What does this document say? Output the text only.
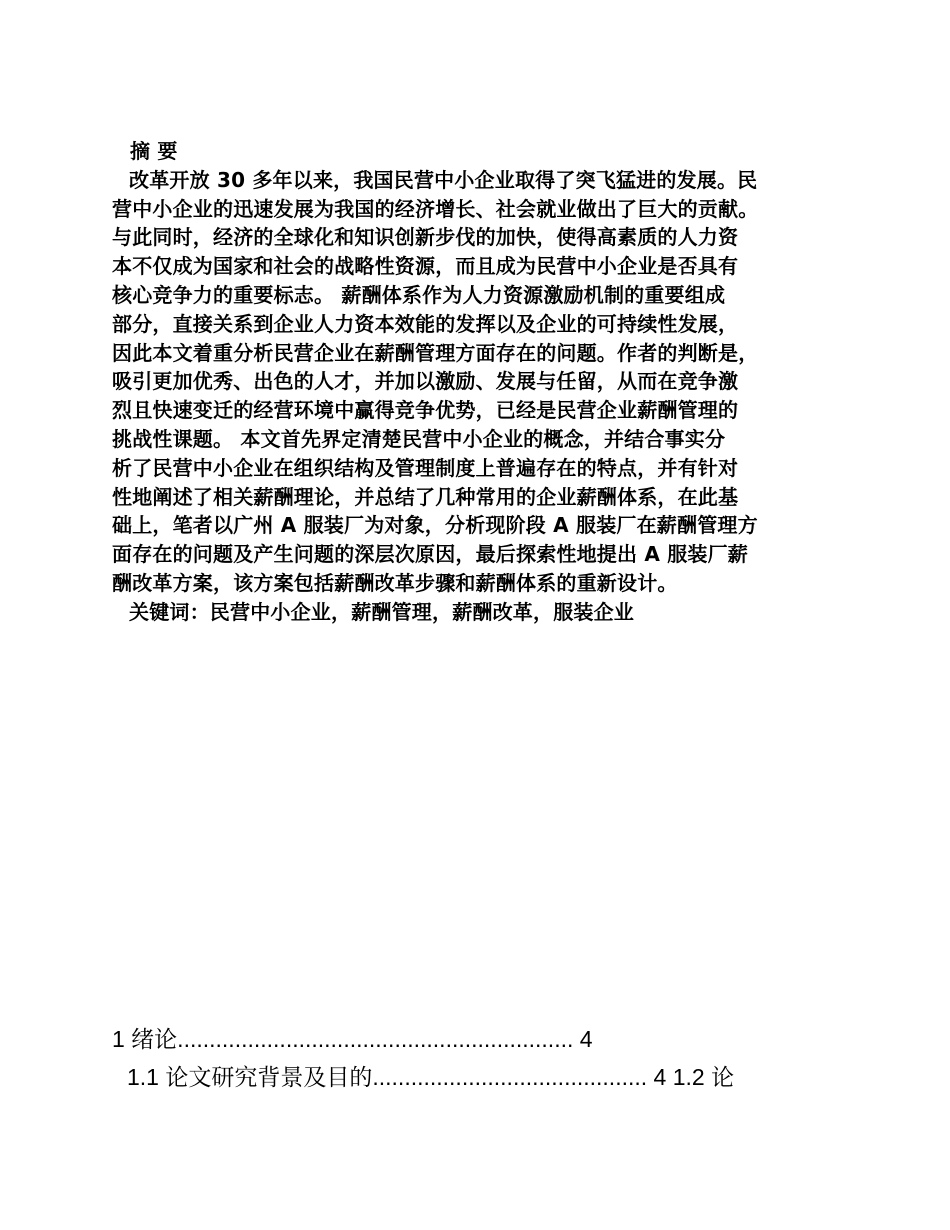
摘 要
改革开放 30 多年以来，我国民营中小企业取得了突飞猛进的发展。民
营中小企业的迅速发展为我国的经济增长、社会就业做出了巨大的贡献。
与此同时，经济的全球化和知识创新步伐的加快，使得高素质的人力资
本不仅成为国家和社会的战略性资源，而且成为民营中小企业是否具有
核心竞争力的重要标志。 薪酬体系作为人力资源激励机制的重要组成
部分，直接关系到企业人力资本效能的发挥以及企业的可持续性发展，
因此本文着重分析民营企业在薪酬管理方面存在的问题。作者的判断是，
吸引更加优秀、出色的人才，并加以激励、发展与任留，从而在竞争激
烈且快速变迁的经营环境中赢得竞争优势，已经是民营企业薪酬管理的
挑战性课题。 本文首先界定清楚民营中小企业的概念，并结合事实分
析了民营中小企业在组织结构及管理制度上普遍存在的特点，并有针对
性地阐述了相关薪酬理论，并总结了几种常用的企业薪酬体系，在此基
础上，笔者以广州 A 服装厂为对象，分析现阶段 A 服装厂在薪酬管理方
面存在的问题及产生问题的深层次原因，最后探索性地提出 A 服装厂薪
酬改革方案，该方案包括薪酬改革步骤和薪酬体系的重新设计。
关键词：民营中小企业，薪酬管理，薪酬改革，服装企业
1 绪论.............................................................. 4
1.1 论文研究背景及目的........................................... 4 1.2 论
